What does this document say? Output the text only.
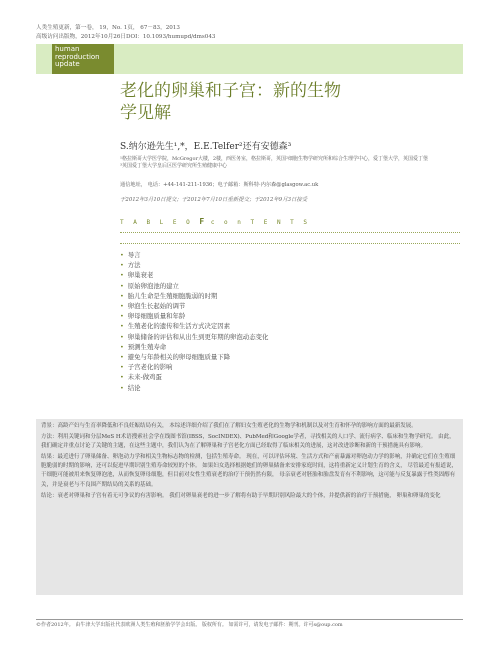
人类生殖更新，第一卷， 19，No. 1页， 67－83，2013
高级访问出版物，2012年10月26日DOI：10.1093/humupd/dms043
human
reproduction
update
老化的卵巢和子宫：新的生物
学见解
S.纳尔逊先生¹,*，E.E.Telfer²还有安德森³
¹格拉斯哥大学医学院，McGregor大楼，2楼，西医务室，格拉斯哥，英国²细胞生物学研究所和综合生理学中心，爱丁堡大学，英国爱丁堡
³英国爱丁堡大学皇后区医学研究所生殖健康中心
通信地址， 电话：+44-141-211-1936；电子邮箱：斯科特·内尔森@glasgow.ac.uk
于2012年3月10日提交；于2012年7月10日重新提交；于2012年9月3日接受
T A B L E O F c o n T E N T S
• 导言
• 方法
• 卵巢衰老
• 原始卵泡池的建立
• 胎儿生命是生殖细胞脆弱的时期
• 卵泡生长起始的调节
• 卵母细胞质量和年龄
• 生殖老化的遗传和生活方式决定因素
• 卵巢储备的评估和从出生到更年期的卵泡动态变化
• 预测生殖寿命
• 避免与年龄相关的卵母细胞质量下降
• 子宫老化的影响
• 未来-做鸡蛋
• 结论

背景：高龄产妇与生育率降低和不良妊娠结局有关， 本综述详细介绍了我们在了解妇女生殖老化的生物学和机制以及对生育和怀孕的影响方面的最新发展。

方法：利用关键词和分层MeS H术语搜索社会学在线图书馆(IBSS，SocINDEX)、PubMed和Google学者，寻找相关的人口学、流行病学、临床和生物学研究。 由此，我们确定并重点讨论了关键的主题，在这些主题中，我们认为在了解卵巢和子宫老化方面已经取得了临床相关的进展，这对改进诊断和新的干预措施具有影响。

结果：最近进行了卵巢储备、卵泡动力学和相关生物标志物的检测，包括生殖寿命。 现在，可以评估环境、生活方式和产前暴露对卵泡动力学的影响，并确定它们在生殖细胞脆弱的时期的影响，还可以促进早期识别生殖寿命较短的个体。 如果妇女选择根据她们的卵巢储备来安排家庭时间，这将重新定义计划生育的含义， 尽管最近有报道说，干细胞可能被用来恢复卵泡池，从而恢复卵母细胞，但目前对女性生殖衰老的治疗干预仍然有限， 母亲衰老对胚胎和胎盘发育有不利影响，这可能与反复暴露于性类固醇有关，并是衰老与不良围产期结局的关系的基础。

结论：衰老对卵巢和子宫有着无可争议的有害影响。 我们对卵巢衰老的进一步了解将有助于早期识别风险最大的个体，并提供新的治疗干预措施， 卵巢和卵巢的变化

©作者2012年。 由牛津大学出版社代表欧洲人类生殖和胚胎学学会出版。 版权所有。 如需许可，请发电子邮件：期刊。许可s@oup.com
